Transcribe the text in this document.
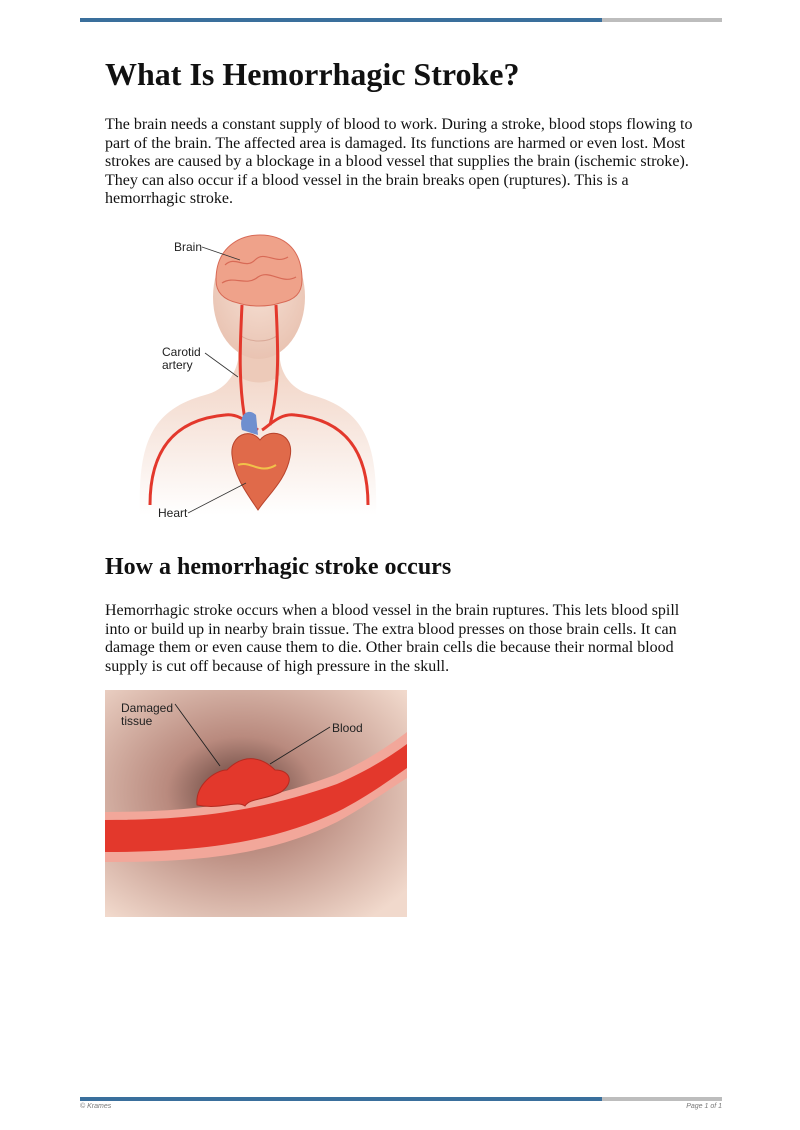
What Is Hemorrhagic Stroke?

The brain needs a constant supply of blood to work. During a stroke, blood stops flowing to part of the brain. The affected area is damaged. Its functions are harmed or even lost. Most strokes are caused by a blockage in a blood vessel that supplies the brain (ischemic stroke). They can also occur if a blood vessel in the brain breaks open (ruptures). This is a hemorrhagic stroke.

Brain
Carotid
artery
Heart
How a hemorrhagic stroke occurs

Hemorrhagic stroke occurs when a blood vessel in the brain ruptures. This lets blood spill into or build up in nearby brain tissue. The extra blood presses on those brain cells. It can damage them or even cause them to die. Other brain cells die because their normal blood supply is cut off because of high pressure in the skull.

Damaged
tissue	Blood
© Krames	Page 1 of 1
